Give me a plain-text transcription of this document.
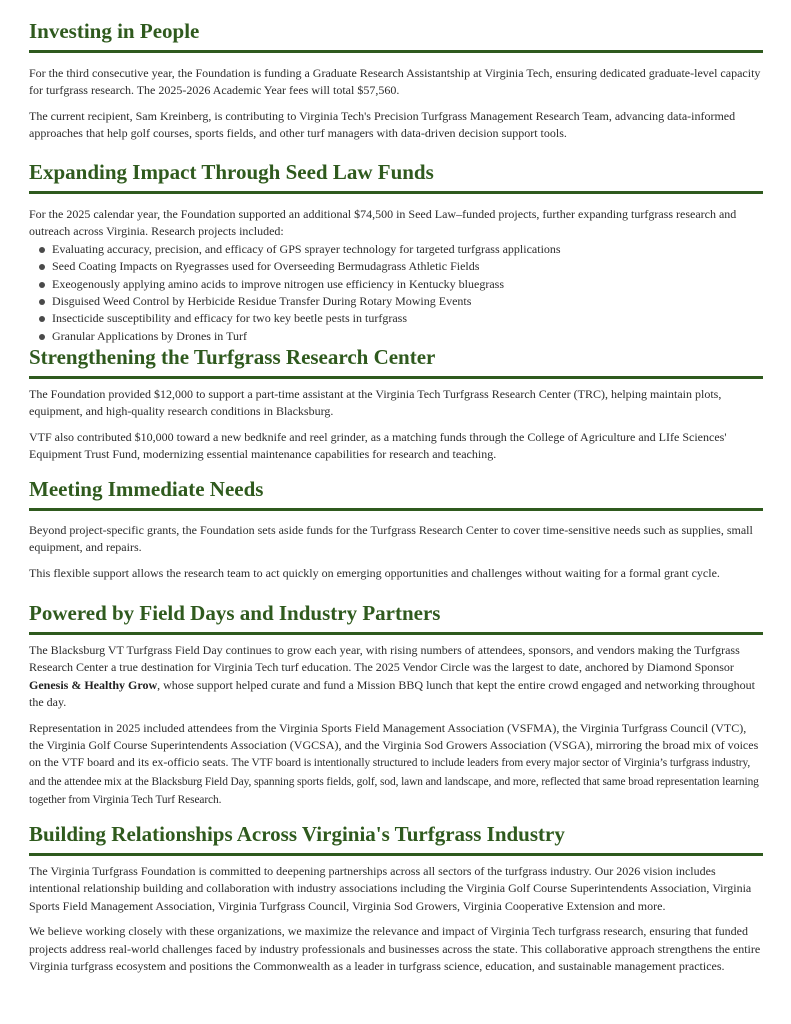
Investing in People

For the third consecutive year, the Foundation is funding a Graduate Research Assistantship at Virginia Tech, ensuring dedicated graduate-level capacity for turfgrass research. The 2025-2026 Academic Year fees will total $57,560.

The current recipient, Sam Kreinberg, is contributing to Virginia Tech's Precision Turfgrass Management Research Team, advancing data-informed approaches that help golf courses, sports fields, and other turf managers with data-driven decision support tools.

Expanding Impact Through Seed Law Funds

For the 2025 calendar year, the Foundation supported an additional $74,500 in Seed Law–funded projects, further expanding turfgrass research and outreach across Virginia. Research projects included:

Evaluating accuracy, precision, and efficacy of GPS sprayer technology for targeted turfgrass applications
Seed Coating Impacts on Ryegrasses used for Overseeding Bermudagrass Athletic Fields
Exeogenously applying amino acids to improve nitrogen use efficiency in Kentucky bluegrass
Disguised Weed Control by Herbicide Residue Transfer During Rotary Mowing Events
Insecticide susceptibility and efficacy for two key beetle pests in turfgrass
Granular Applications by Drones in Turf
Strengthening the Turfgrass Research Center

The Foundation provided $12,000 to support a part-time assistant at the Virginia Tech Turfgrass Research Center (TRC), helping maintain plots, equipment, and high-quality research conditions in Blacksburg.

VTF also contributed $10,000 toward a new bedknife and reel grinder, as a matching funds through the College of Agriculture and LIfe Sciences' Equipment Trust Fund, modernizing essential maintenance capabilities for research and teaching.

Meeting Immediate Needs

Beyond project-specific grants, the Foundation sets aside funds for the Turfgrass Research Center to cover time-sensitive needs such as supplies, small equipment, and repairs.

This flexible support allows the research team to act quickly on emerging opportunities and challenges without waiting for a formal grant cycle.

Powered by Field Days and Industry Partners

The Blacksburg VT Turfgrass Field Day continues to grow each year, with rising numbers of attendees, sponsors, and vendors making the Turfgrass Research Center a true destination for Virginia Tech turf education. The 2025 Vendor Circle was the largest to date, anchored by Diamond Sponsor Genesis & Healthy Grow, whose support helped curate and fund a Mission BBQ lunch that kept the entire crowd engaged and networking throughout the day.

Representation in 2025 included attendees from the Virginia Sports Field Management Association (VSFMA), the Virginia Turfgrass Council (VTC), the Virginia Golf Course Superintendents Association (VGCSA), and the Virginia Sod Growers Association (VSGA), mirroring the broad mix of voices on the VTF board and its ex-officio seats. The VTF board is intentionally structured to include leaders from every major sector of Virginia’s turfgrass industry, and the attendee mix at the Blacksburg Field Day, spanning sports fields, golf, sod, lawn and landscape, and more, reflected that same broad representation learning together from Virginia Tech Turf Research.

Building Relationships Across Virginia's Turfgrass Industry

The Virginia Turfgrass Foundation is committed to deepening partnerships across all sectors of the turfgrass industry. Our 2026 vision includes intentional relationship building and collaboration with industry associations including the Virginia Golf Course Superintendents Association, Virginia Sports Field Management Association, Virginia Turfgrass Council, Virginia Sod Growers, Virginia Cooperative Extension and more.

We believe working closely with these organizations, we maximize the relevance and impact of Virginia Tech turfgrass research, ensuring that funded projects address real-world challenges faced by industry professionals and businesses across the state. This collaborative approach strengthens the entire Virginia turfgrass ecosystem and positions the Commonwealth as a leader in turfgrass science, education, and sustainable management practices.
